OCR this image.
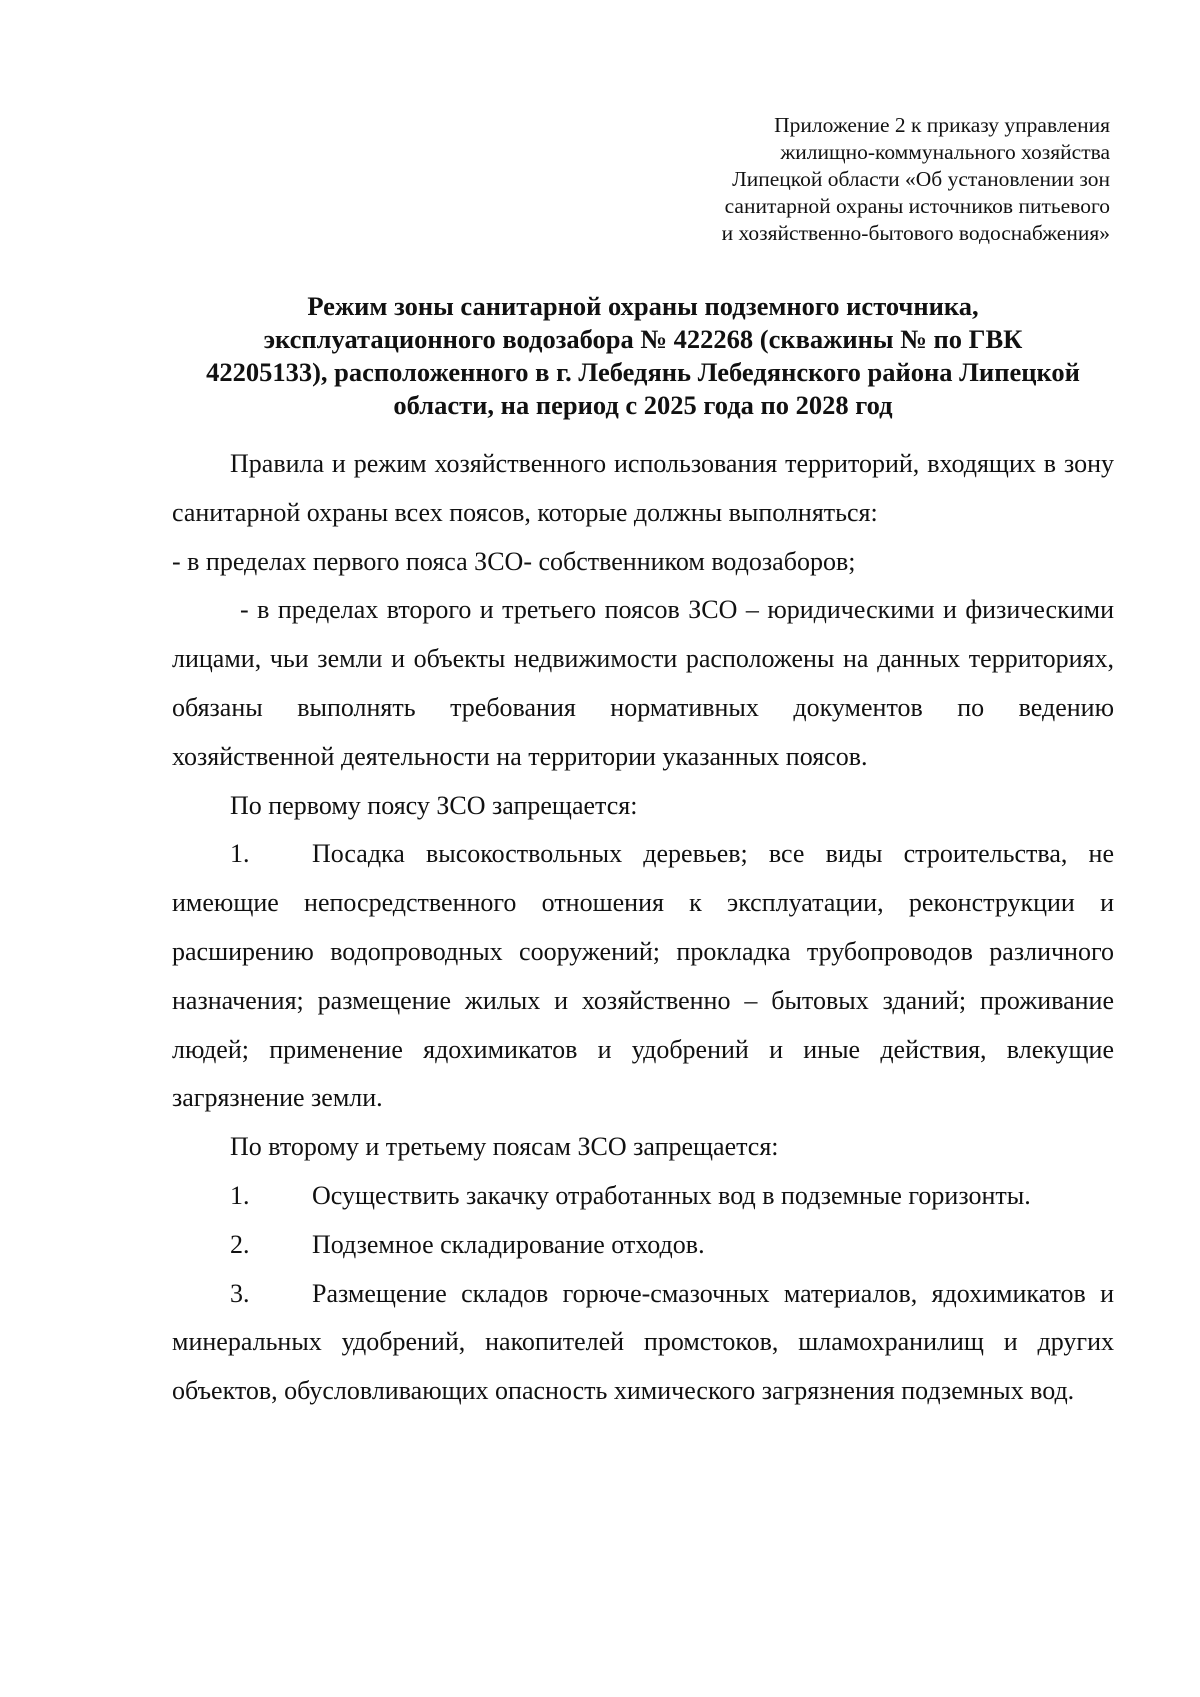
Приложение 2 к приказу управления
жилищно-коммунального хозяйства
Липецкой области «Об установлении зон
санитарной охраны источников питьевого
и хозяйственно-бытового водоснабжения»
Режим зоны санитарной охраны подземного источника,
эксплуатационного водозабора № 422268 (скважины № по ГВК
42205133), расположенного в г. Лебедянь Лебедянского района Липецкой
области, на период с 2025 года по 2028 год

Правила и режим хозяйственного использования территорий, входящих в зону санитарной охраны всех поясов, которые должны выполняться:

- в пределах первого пояса ЗСО- собственником водозаборов;

- в пределах второго и третьего поясов ЗСО – юридическими и физическими лицами, чьи земли и объекты недвижимости расположены на данных территориях, обязаны выполнять требования нормативных документов по ведению хозяйственной деятельности на территории указанных поясов.

По первому поясу ЗСО запрещается:

1. Посадка высокоствольных деревьев; все виды строительства, не имеющие непосредственного отношения к эксплуатации, реконструкции и расширению водопроводных сооружений; прокладка трубопроводов различного назначения; размещение жилых и хозяйственно – бытовых зданий; проживание людей; применение ядохимикатов и удобрений и иные действия, влекущие загрязнение земли.

По второму и третьему поясам ЗСО запрещается:

1. Осуществить закачку отработанных вод в подземные горизонты.

2. Подземное складирование отходов.

3. Размещение складов горюче-смазочных материалов, ядохимикатов и минеральных удобрений, накопителей промстоков, шламохранилищ и других объектов, обусловливающих опасность химического загрязнения подземных вод.
